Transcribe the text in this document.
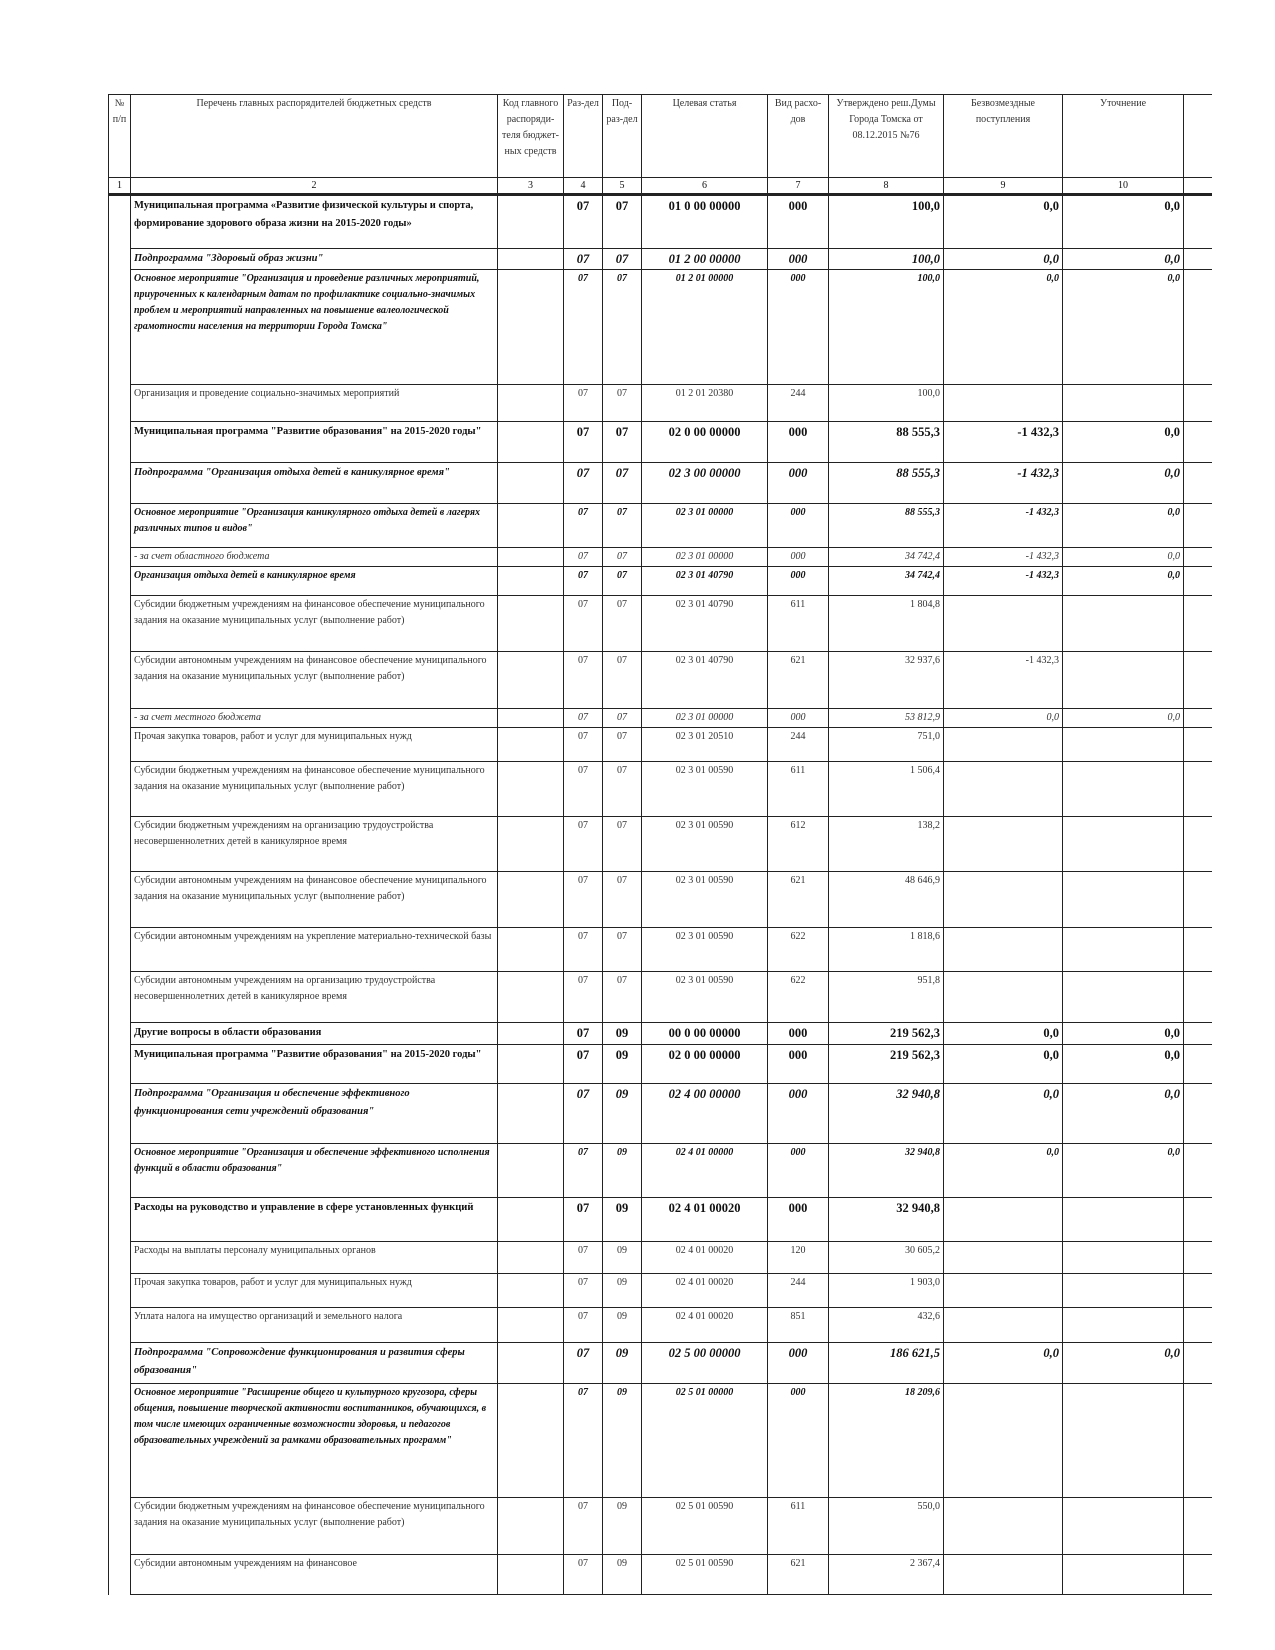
№ п/п	Перечень главных распорядителей бюджетных средств	Код главного распоряди-теля бюджет-ных средств	Раз-дел	Под-раз-дел	Целевая статья	Вид расхо-дов	Утверждено реш.Думы Города Томска от 08.12.2015 №76	Безвозмездные поступления	Уточнение	
1	2	3	4	5	6	7	8	9	10	
	Муниципальная программа «Развитие физической культуры и спорта, формирование здорового образа жизни на 2015-2020 годы»		07	07	01 0 00 00000	000	100,0	0,0	0,0	
	Подпрограмма "Здоровый образ жизни"		07	07	01 2 00 00000	000	100,0	0,0	0,0	
	Основное мероприятие "Организация и проведение различных мероприятий, приуроченных к календарным датам по профилактике социально-значимых проблем и мероприятий направленных на повышение валеологической грамотности населения на территории Города Томска"		07	07	01 2 01 00000	000	100,0	0,0	0,0	
	Организация и проведение социально-значимых мероприятий		07	07	01 2 01 20380	244	100,0			
	Муниципальная программа "Развитие образования" на 2015-2020 годы"		07	07	02 0 00 00000	000	88 555,3	-1 432,3	0,0	
	Подпрограмма "Организация отдыха детей в каникулярное время"		07	07	02 3 00 00000	000	88 555,3	-1 432,3	0,0	
	Основное мероприятие "Организация каникулярного отдыха детей в лагерях различных типов и видов"		07	07	02 3 01 00000	000	88 555,3	-1 432,3	0,0	
	- за счет областного бюджета		07	07	02 3 01 00000	000	34 742,4	-1 432,3	0,0	
	Организация отдыха детей в каникулярное время		07	07	02 3 01 40790	000	34 742,4	-1 432,3	0,0	
	Субсидии бюджетным учреждениям на финансовое обеспечение муниципального задания на оказание муниципальных услуг (выполнение работ)		07	07	02 3 01 40790	611	1 804,8			
	Субсидии автономным учреждениям на финансовое обеспечение муниципального задания на оказание муниципальных услуг (выполнение работ)		07	07	02 3 01 40790	621	32 937,6	-1 432,3		
	- за счет местного бюджета		07	07	02 3 01 00000	000	53 812,9	0,0	0,0	
	Прочая закупка товаров, работ и услуг для муниципальных нужд		07	07	02 3 01 20510	244	751,0			
	Субсидии бюджетным учреждениям на финансовое обеспечение муниципального задания на оказание муниципальных услуг (выполнение работ)		07	07	02 3 01 00590	611	1 506,4			
	Субсидии бюджетным учреждениям на организацию трудоустройства несовершеннолетних детей в каникулярное время		07	07	02 3 01 00590	612	138,2			
	Субсидии автономным учреждениям на финансовое обеспечение муниципального задания на оказание муниципальных услуг (выполнение работ)		07	07	02 3 01 00590	621	48 646,9			
	Субсидии автономным учреждениям на укрепление материально-технической базы		07	07	02 3 01 00590	622	1 818,6			
	Субсидии автономным учреждениям на организацию трудоустройства несовершеннолетних детей в каникулярное время		07	07	02 3 01 00590	622	951,8			
	Другие вопросы в области образования		07	09	00 0 00 00000	000	219 562,3	0,0	0,0	
	Муниципальная программа "Развитие образования" на 2015-2020 годы"		07	09	02 0 00 00000	000	219 562,3	0,0	0,0	
	Подпрограмма "Организация и обеспечение эффективного функционирования сети учреждений образования"		07	09	02 4 00 00000	000	32 940,8	0,0	0,0	
	Основное мероприятие "Организация и обеспечение эффективного исполнения функций в области образования"		07	09	02 4 01 00000	000	32 940,8	0,0	0,0	
	Расходы на руководство и управление в сфере установленных функций		07	09	02 4 01 00020	000	32 940,8			
	Расходы на выплаты персоналу муниципальных органов		07	09	02 4 01 00020	120	30 605,2			
	Прочая закупка товаров, работ и услуг для муниципальных нужд		07	09	02 4 01 00020	244	1 903,0			
	Уплата налога на имущество организаций и земельного налога		07	09	02 4 01 00020	851	432,6			
	Подпрограмма "Сопровождение функционирования и развития сферы образования"		07	09	02 5 00 00000	000	186 621,5	0,0	0,0	
	Основное мероприятие "Расширение общего и культурного кругозора, сферы общения, повышение творческой активности воспитанников, обучающихся, в том числе имеющих ограниченные возможности здоровья, и педагогов образовательных учреждений за рамками образовательных программ"		07	09	02 5 01 00000	000	18 209,6			
	Субсидии бюджетным учреждениям на финансовое обеспечение муниципального задания на оказание муниципальных услуг (выполнение работ)		07	09	02 5 01 00590	611	550,0			
	Субсидии автономным учреждениям на финансовое		07	09	02 5 01 00590	621	2 367,4			
